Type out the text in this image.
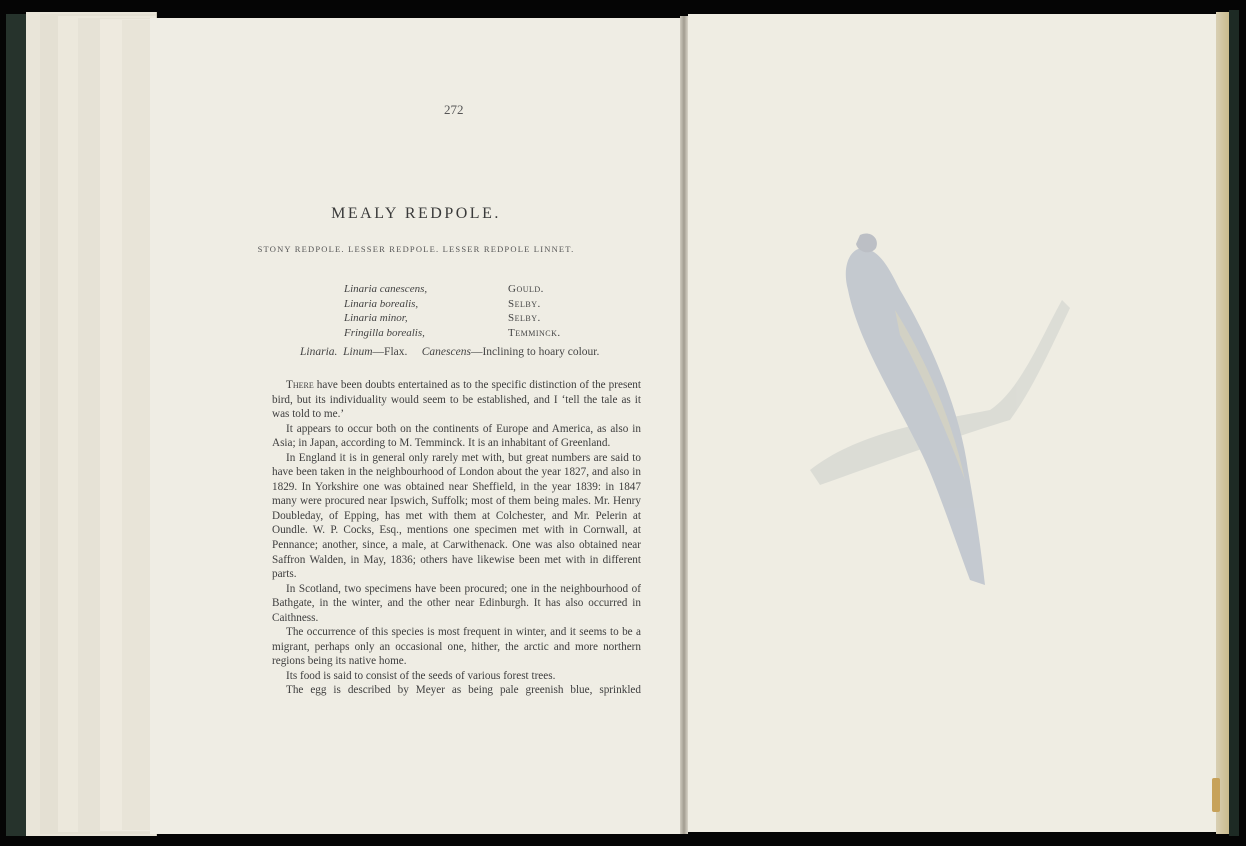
272
MEALY REDPOLE.
STONY REDPOLE. LESSER REDPOLE. LESSER REDPOLE LINNET.
Linaria canescens,
Linaria borealis,
Linaria minor,
Fringilla borealis,
Gould.
Selby.
Selby.
Temminck.
Linaria. Linum—Flax. Canescens—Inclining to hoary colour.

There have been doubts entertained as to the specific distinction of the present bird, but its individuality would seem to be established, and I ‘tell the tale as it was told to me.’

It appears to occur both on the continents of Europe and America, as also in Asia; in Japan, according to M. Temminck. It is an inhabitant of Greenland.

In England it is in general only rarely met with, but great numbers are said to have been taken in the neighbourhood of London about the year 1827, and also in 1829. In Yorkshire one was obtained near Sheffield, in the year 1839: in 1847 many were procured near Ipswich, Suffolk; most of them being males. Mr. Henry Doubleday, of Epping, has met with them at Colchester, and Mr. Pelerin at Oundle. W. P. Cocks, Esq., mentions one specimen met with in Cornwall, at Pennance; another, since, a male, at Carwithenack. One was also obtained near Saffron Walden, in May, 1836; others have likewise been met with in different parts.

In Scotland, two specimens have been procured; one in the neighbourhood of Bathgate, in the winter, and the other near Edinburgh. It has also occurred in Caithness.

The occurrence of this species is most frequent in winter, and it seems to be a migrant, perhaps only an occasional one, hither, the arctic and more northern regions being its native home.

Its food is said to consist of the seeds of various forest trees.

The egg is described by Meyer as being pale greenish blue, sprinkled
